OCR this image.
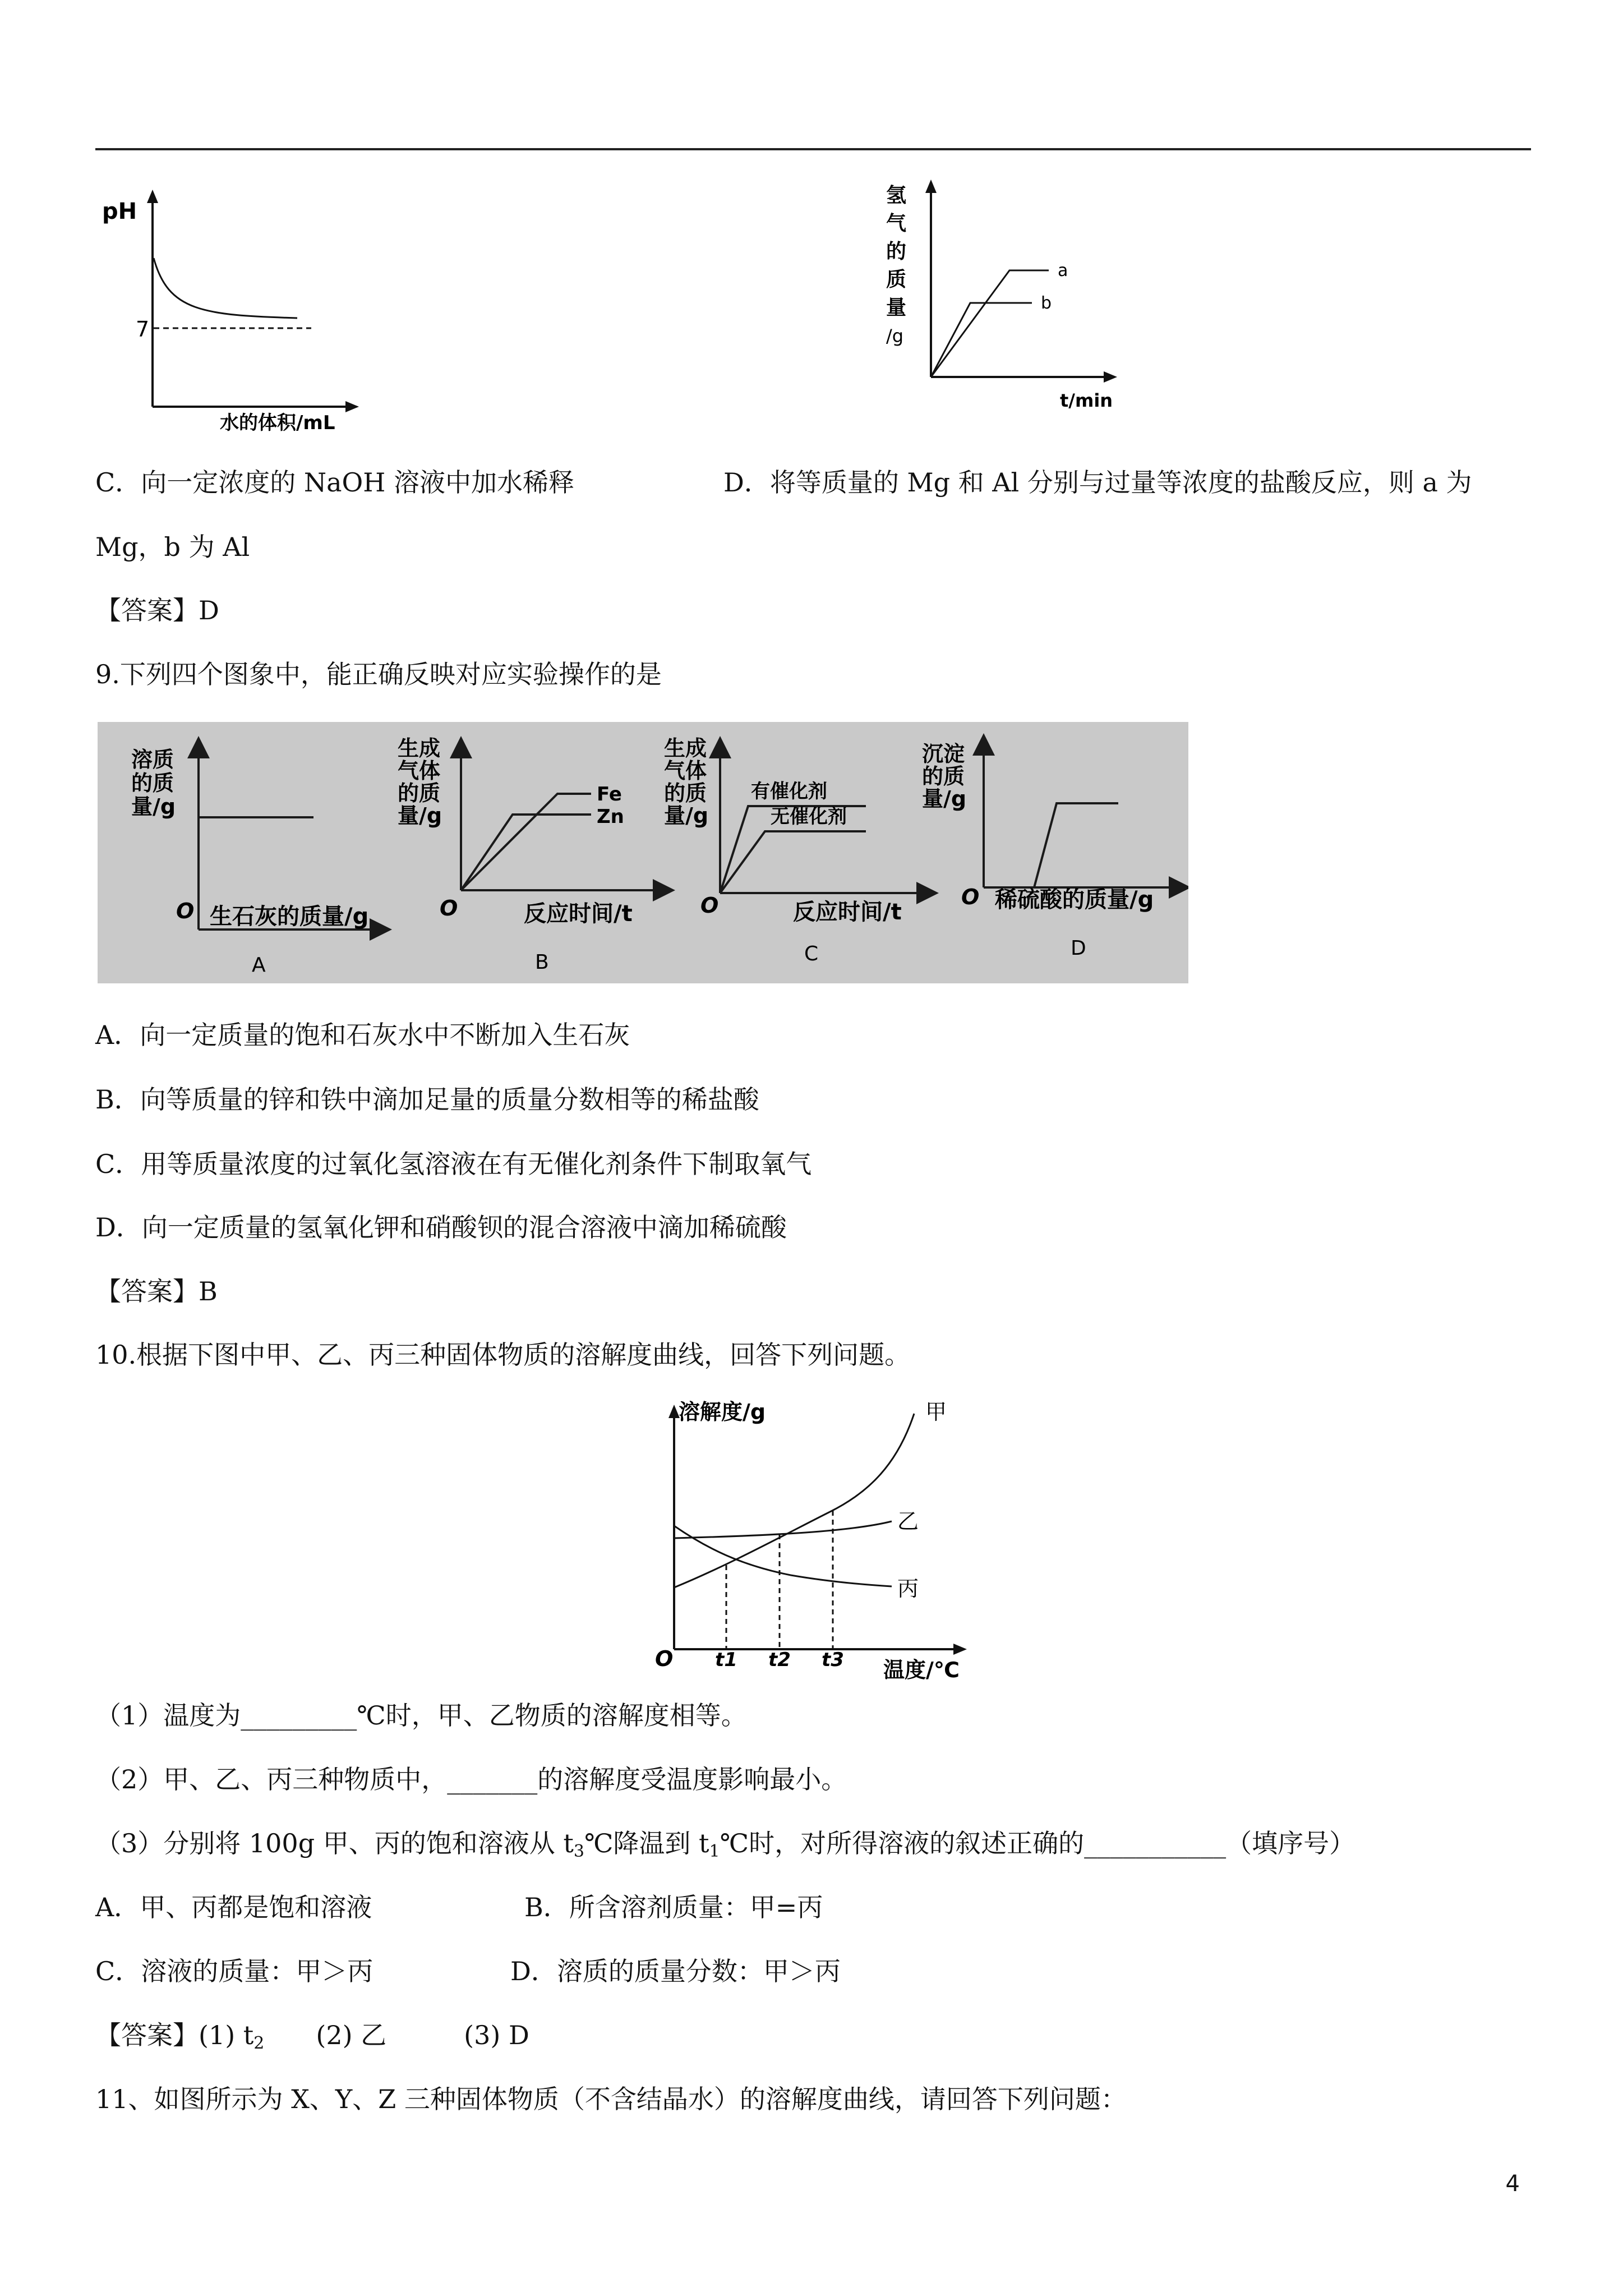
pH
7
水的体积/mL
氢
气
的
质
量
/g
a
b
t/min
C．向一定浓度的 NaOH 溶液中加水稀释	D．将等质量的 Mg 和 Al 分别与过量等浓度的盐酸反应，则 a 为
Mg，b 为 Al
【答案】D
9.下列四个图象中，能正确反映对应实验操作的是
溶质
的质
量/g
O 生石灰的质量/g
A
生成
气体
的质
量/g
Fe
Zn
O	反应时间/t
B
生成
气体
的质
量/g
有催化剂
无催化剂
O	反应时间/t
C
沉淀
的质
量/g
O 稀硫酸的质量/g
D
A．向一定质量的饱和石灰水中不断加入生石灰
B．向等质量的锌和铁中滴加足量的质量分数相等的稀盐酸
C．用等质量浓度的过氧化氢溶液在有无催化剂条件下制取氧气
D．向一定质量的氢氧化钾和硝酸钡的混合溶液中滴加稀硫酸
【答案】B
10.根据下图中甲、乙、丙三种固体物质的溶解度曲线，回答下列问题。
溶解度/g	甲
乙
丙
O t1 t2 t3 温度/℃
（1）温度为_________℃时，甲、乙物质的溶解度相等。
（2）甲、乙、丙三种物质中，_______的溶解度受温度影响最小。
（3）分别将 100g 甲、丙的饱和溶液从 $t_3℃$降温到 $t_1℃$时，对所得溶液的叙述正确的___________（填序号）
A．甲、丙都是饱和溶液	B．所含溶剂质量：甲=丙
C．溶液的质量：甲＞丙	D．溶质的质量分数：甲＞丙
【答案】(1) $t_2$　　(2) 乙　　　(3) D
11、如图所示为 X、Y、Z 三种固体物质（不含结晶水）的溶解度曲线，请回答下列问题：
4
